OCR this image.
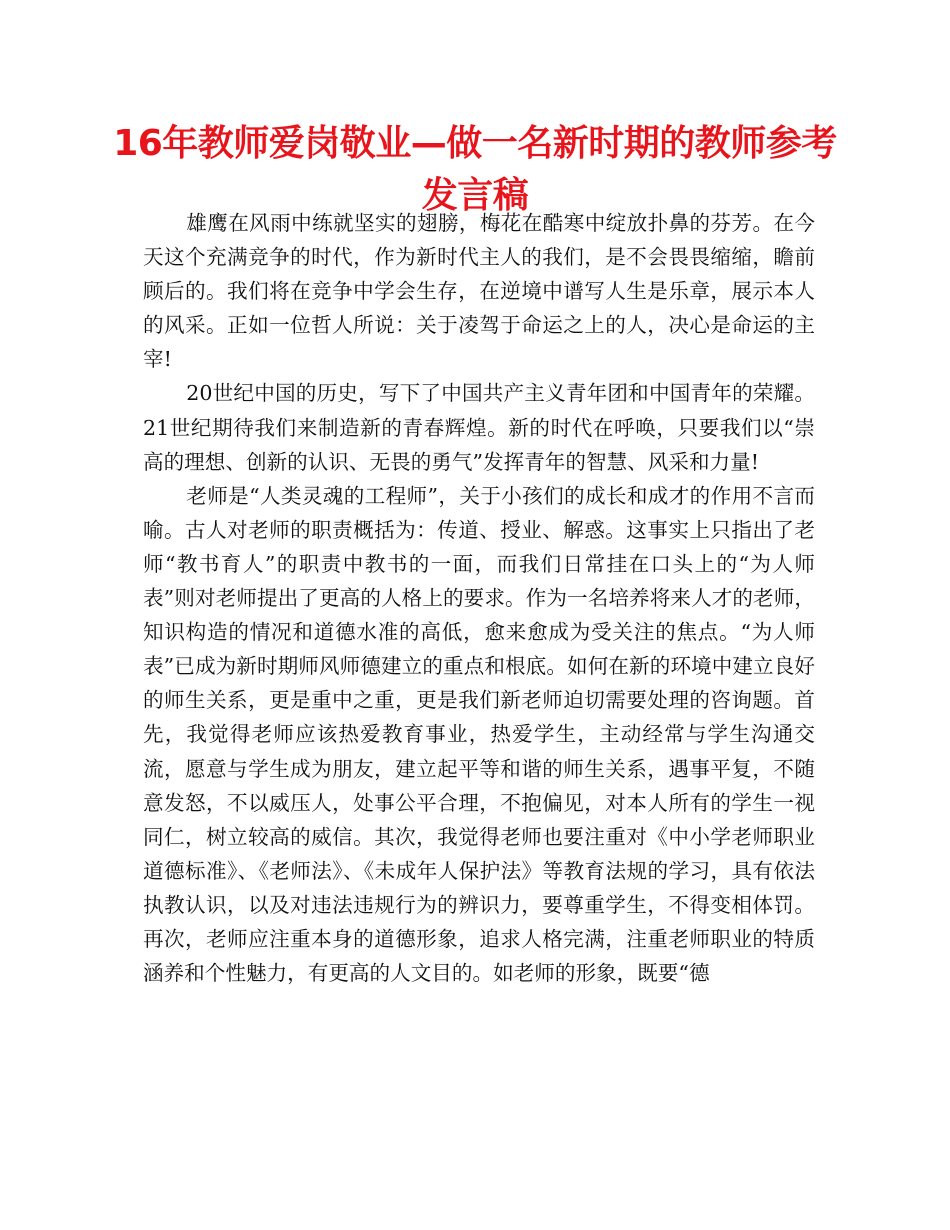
16年教师爱岗敬业—做一名新时期的教师参考发言稿

雄鹰在风雨中练就坚实的翅膀，梅花在酷寒中绽放扑鼻的芬芳。在今天这个充满竞争的时代，作为新时代主人的我们，是不会畏畏缩缩，瞻前顾后的。我们将在竞争中学会生存，在逆境中谱写人生是乐章，展示本人的风采。正如一位哲人所说：关于凌驾于命运之上的人，决心是命运的主宰!

20世纪中国的历史，写下了中国共产主义青年团和中国青年的荣耀。21世纪期待我们来制造新的青春辉煌。新的时代在呼唤，只要我们以“崇高的理想、创新的认识、无畏的勇气”发挥青年的智慧、风采和力量!

老师是“人类灵魂的工程师”，关于小孩们的成长和成才的作用不言而喻。古人对老师的职责概括为：传道、授业、解惑。这事实上只指出了老师“教书育人”的职责中教书的一面，而我们日常挂在口头上的“为人师表”则对老师提出了更高的人格上的要求。作为一名培养将来人才的老师，知识构造的情况和道德水准的高低，愈来愈成为受关注的焦点。“为人师表”已成为新时期师风师德建立的重点和根底。如何在新的环境中建立良好的师生关系，更是重中之重，更是我们新老师迫切需要处理的咨询题。首先，我觉得老师应该热爱教育事业，热爱学生，主动经常与学生沟通交流，愿意与学生成为朋友，建立起平等和谐的师生关系，遇事平复，不随意发怒，不以威压人，处事公平合理，不抱偏见，对本人所有的学生一视同仁，树立较高的威信。其次，我觉得老师也要注重对《中小学老师职业道德标准》、《老师法》、《未成年人保护法》等教育法规的学习，具有依法执教认识，以及对违法违规行为的辨识力，要尊重学生，不得变相体罚。再次，老师应注重本身的道德形象，追求人格完满，注重老师职业的特质涵养和个性魅力，有更高的人文目的。如老师的形象，既要“德
